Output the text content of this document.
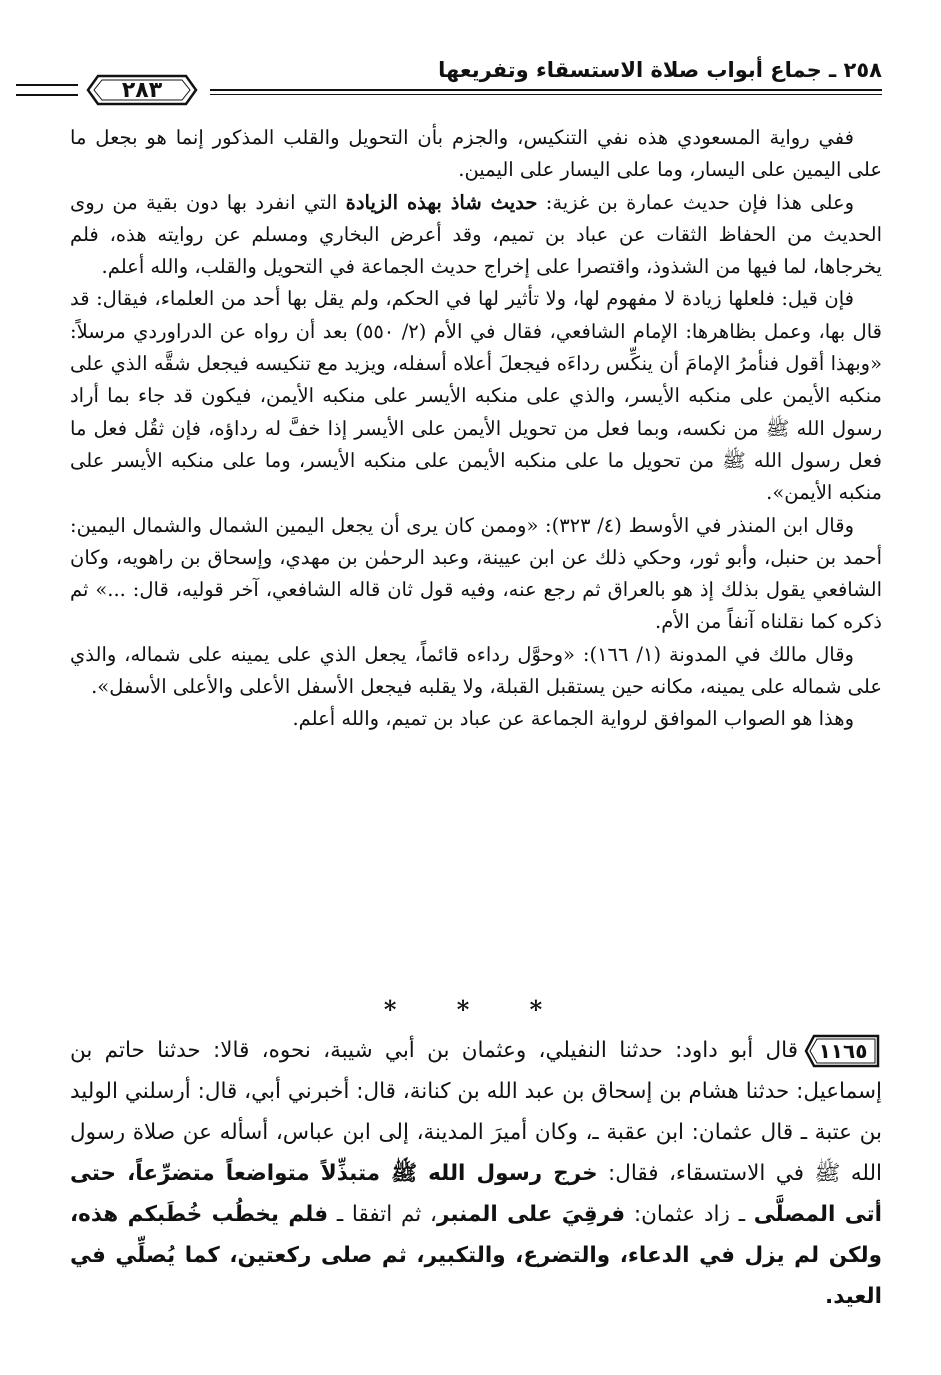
٢٥٨ ـ جماع أبواب صلاة الاستسقاء وتفريعها
٢٨٣

ففي رواية المسعودي هذه نفي التنكيس، والجزم بأن التحويل والقلب المذكور إنما هو بجعل ما على اليمين على اليسار، وما على اليسار على اليمين.

وعلى هذا فإن حديث عمارة بن غزية: حديث شاذ بهذه الزيادة التي انفرد بها دون بقية من روى الحديث من الحفاظ الثقات عن عباد بن تميم، وقد أعرض البخاري ومسلم عن روايته هذه، فلم يخرجاها، لما فيها من الشذوذ، واقتصرا على إخراج حديث الجماعة في التحويل والقلب، والله أعلم.

فإن قيل: فلعلها زيادة لا مفهوم لها، ولا تأثير لها في الحكم، ولم يقل بها أحد من العلماء، فيقال: قد قال بها، وعمل بظاهرها: الإمام الشافعي، فقال في الأم (٢/ ٥٥٠) بعد أن رواه عن الدراوردي مرسلاً: «وبهذا أقول فنأمرُ الإمامَ أن ينكِّس رداءَه فيجعلَ أعلاه أسفله، ويزيد مع تنكيسه فيجعل شقَّه الذي على منكبه الأيمن على منكبه الأيسر، والذي على منكبه الأيسر على منكبه الأيمن، فيكون قد جاء بما أراد رسول الله ﷺ من نكسه، وبما فعل من تحويل الأيمن على الأيسر إذا خفَّ له رداؤه، فإن ثقُل فعل ما فعل رسول الله ﷺ من تحويل ما على منكبه الأيمن على منكبه الأيسر، وما على منكبه الأيسر على منكبه الأيمن».

وقال ابن المنذر في الأوسط (٤/ ٣٢٣): «وممن كان يرى أن يجعل اليمين الشمال والشمال اليمين: أحمد بن حنبل، وأبو ثور، وحكي ذلك عن ابن عيينة، وعبد الرحمٰن بن مهدي، وإسحاق بن راهويه، وكان الشافعي يقول بذلك إذ هو بالعراق ثم رجع عنه، وفيه قول ثان قاله الشافعي، آخر قوليه، قال: ...» ثم ذكره كما نقلناه آنفاً من الأم.

وقال مالك في المدونة (١/ ١٦٦): «وحوَّل رداءه قائماً، يجعل الذي على يمينه على شماله، والذي على شماله على يمينه، مكانه حين يستقبل القبلة، ولا يقلبه فيجعل الأسفل الأعلى والأعلى الأسفل».

وهذا هو الصواب الموافق لرواية الجماعة عن عباد بن تميم، والله أعلم.

* * *
١١٦٥
قال أبو داود: حدثنا النفيلي، وعثمان بن أبي شيبة، نحوه، قالا: حدثنا حاتم بن إسماعيل: حدثنا هشام بن إسحاق بن عبد الله بن كنانة، قال: أخبرني أبي، قال: أرسلني الوليد بن عتبة ـ قال عثمان: ابن عقبة ـ، وكان أميرَ المدينة، إلى ابن عباس، أسأله عن صلاة رسول الله ﷺ في الاستسقاء، فقال: خرج رسول الله ﷺ متبذِّلاً متواضعاً متضرِّعاً، حتى أتى المصلَّى ـ زاد عثمان: فرقِيَ على المنبر، ثم اتفقا ـ فلم يخطُب خُطَبكم هذه، ولكن لم يزل في الدعاء، والتضرع، والتكبير، ثم صلى ركعتين، كما يُصلِّي في العيد.
